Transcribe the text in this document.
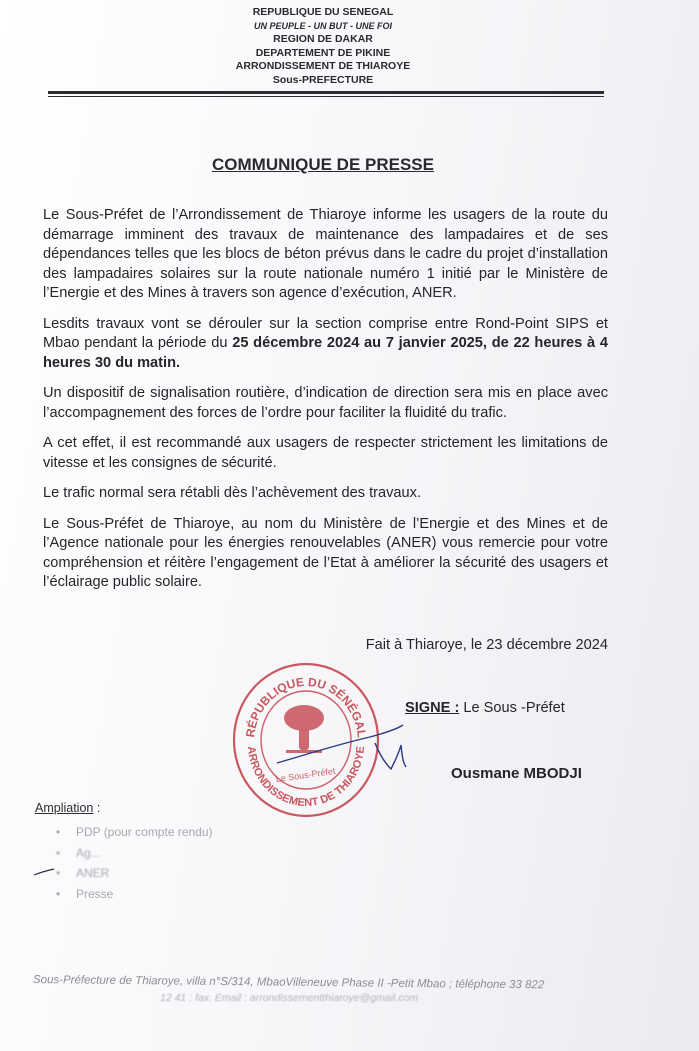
REPUBLIQUE DU SENEGAL
UN PEUPLE - UN BUT - UNE FOI
REGION DE DAKAR
DEPARTEMENT DE PIKINE
ARRONDISSEMENT DE THIAROYE
Sous-PREFECTURE
COMMUNIQUE DE PRESSE

Le Sous-Préfet de l’Arrondissement de Thiaroye informe les usagers de la route du démarrage imminent des travaux de maintenance des lampadaires et de ses dépendances telles que les blocs de béton prévus dans le cadre du projet d’installation des lampadaires solaires sur la route nationale numéro 1 initié par le Ministère de l’Energie et des Mines à travers son agence d’exécution, ANER.

Lesdits travaux vont se dérouler sur la section comprise entre Rond-Point SIPS et Mbao pendant la période du 25 décembre 2024 au 7 janvier 2025, de 22 heures à 4 heures 30 du matin.

Un dispositif de signalisation routière, d’indication de direction sera mis en place avec l’accompagnement des forces de l’ordre pour faciliter la fluidité du trafic.

A cet effet, il est recommandé aux usagers de respecter strictement les limitations de vitesse et les consignes de sécurité.

Le trafic normal sera rétabli dès l’achèvement des travaux.

Le Sous-Préfet de Thiaroye, au nom du Ministère de l’Energie et des Mines et de l’Agence nationale pour les énergies renouvelables (ANER) vous remercie pour votre compréhension et réitère l’engagement de l’Etat à améliorer la sécurité des usagers et l’éclairage public solaire.

Fait à Thiaroye, le 23 décembre 2024
RÉPUBLIQUE DU SÉNÉGAL
ARRONDISSEMENT DE THIAROYE
Le Sous-Préfet
SIGNE : Le Sous -Préfet
Ousmane MBODJI
Ampliation :
• PDP (pour compte rendu)
• Ag...
• ANER
• Presse
Sous-Préfecture de Thiaroye, villa n°S/314, MbaoVilleneuve Phase II -Petit Mbao ; téléphone 33 822
12 41 ; fax. Email : arrondissementthiaroye@gmail.com
